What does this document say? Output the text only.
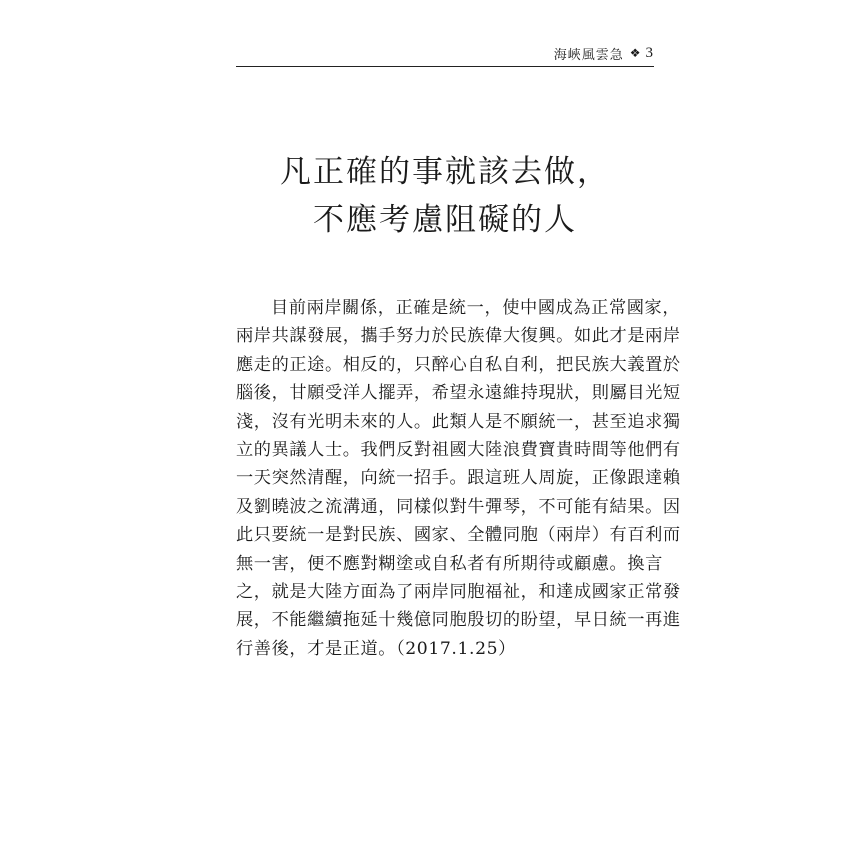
海峽風雲急 ❖ 3
凡正確的事就該去做，
不應考慮阻礙的人
目前兩岸關係，正確是統一，使中國成為正常國家，
兩岸共謀發展，攜手努力於民族偉大復興。如此才是兩岸
應走的正途。相反的，只醉心自私自利，把民族大義置於
腦後，甘願受洋人擺弄，希望永遠維持現狀，則屬目光短
淺，沒有光明未來的人。此類人是不願統一，甚至追求獨
立的異議人士。我們反對祖國大陸浪費寶貴時間等他們有
一天突然清醒，向統一招手。跟這班人周旋，正像跟達賴
及劉曉波之流溝通，同樣似對牛彈琴，不可能有結果。因
此只要統一是對民族、國家、全體同胞（兩岸）有百利而
無一害，便不應對糊塗或自私者有所期待或顧慮。換言
之，就是大陸方面為了兩岸同胞福祉，和達成國家正常發
展，不能繼續拖延十幾億同胞殷切的盼望，早日統一再進
行善後，才是正道。（2017.1.25）
